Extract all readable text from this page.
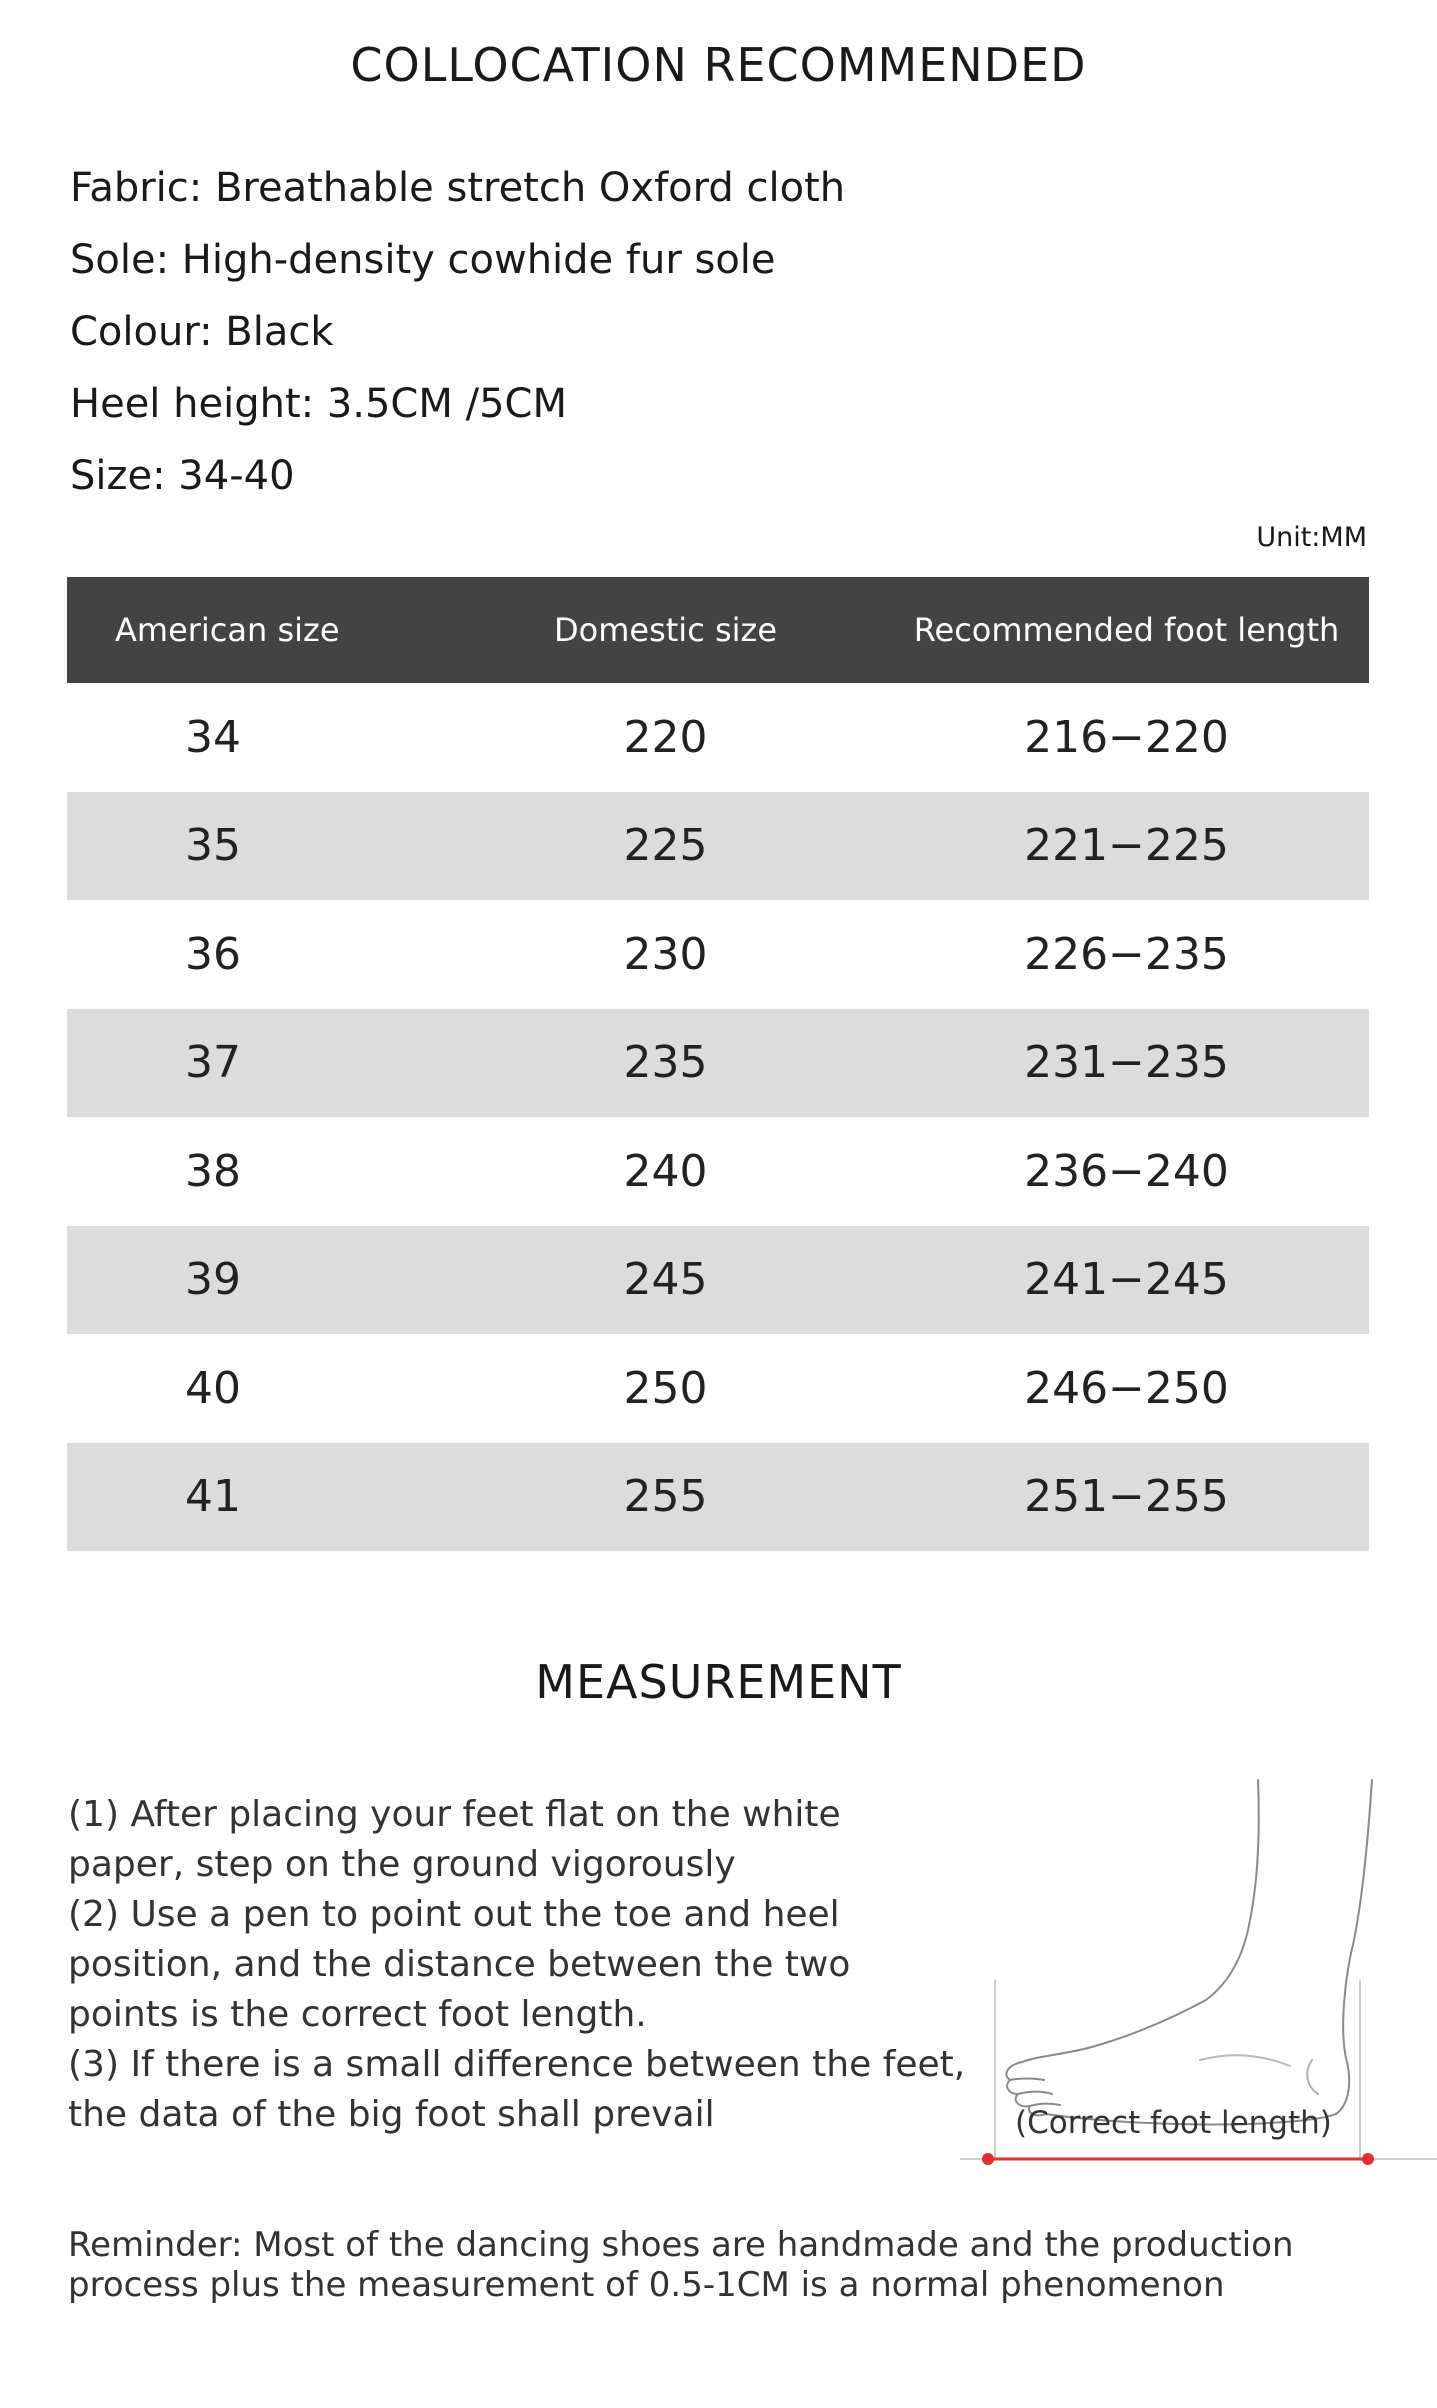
COLLOCATION RECOMMENDED
Fabric: Breathable stretch Oxford cloth
Sole: High-density cowhide fur sole
Colour: Black
Heel height: 3.5CM /5CM
Size: 34-40
Unit:MM
American size	Domestic size	Recommended foot length
34	220	216−220
35	225	221−225
36	230	226−235
37	235	231−235
38	240	236−240
39	245	241−245
40	250	246−250
41	255	251−255
MEASUREMENT

(1) After placing your feet flat on the white paper, step on the ground vigorously

(2) Use a pen to point out the toe and heel position, and the distance between the two points is the correct foot length.

(3) If there is a small difference between the feet, the data of the big foot shall prevail	(Correct foot length)
Reminder: Most of the dancing shoes are handmade and the production process plus the measurement of 0.5-1CM is a normal phenomenon
